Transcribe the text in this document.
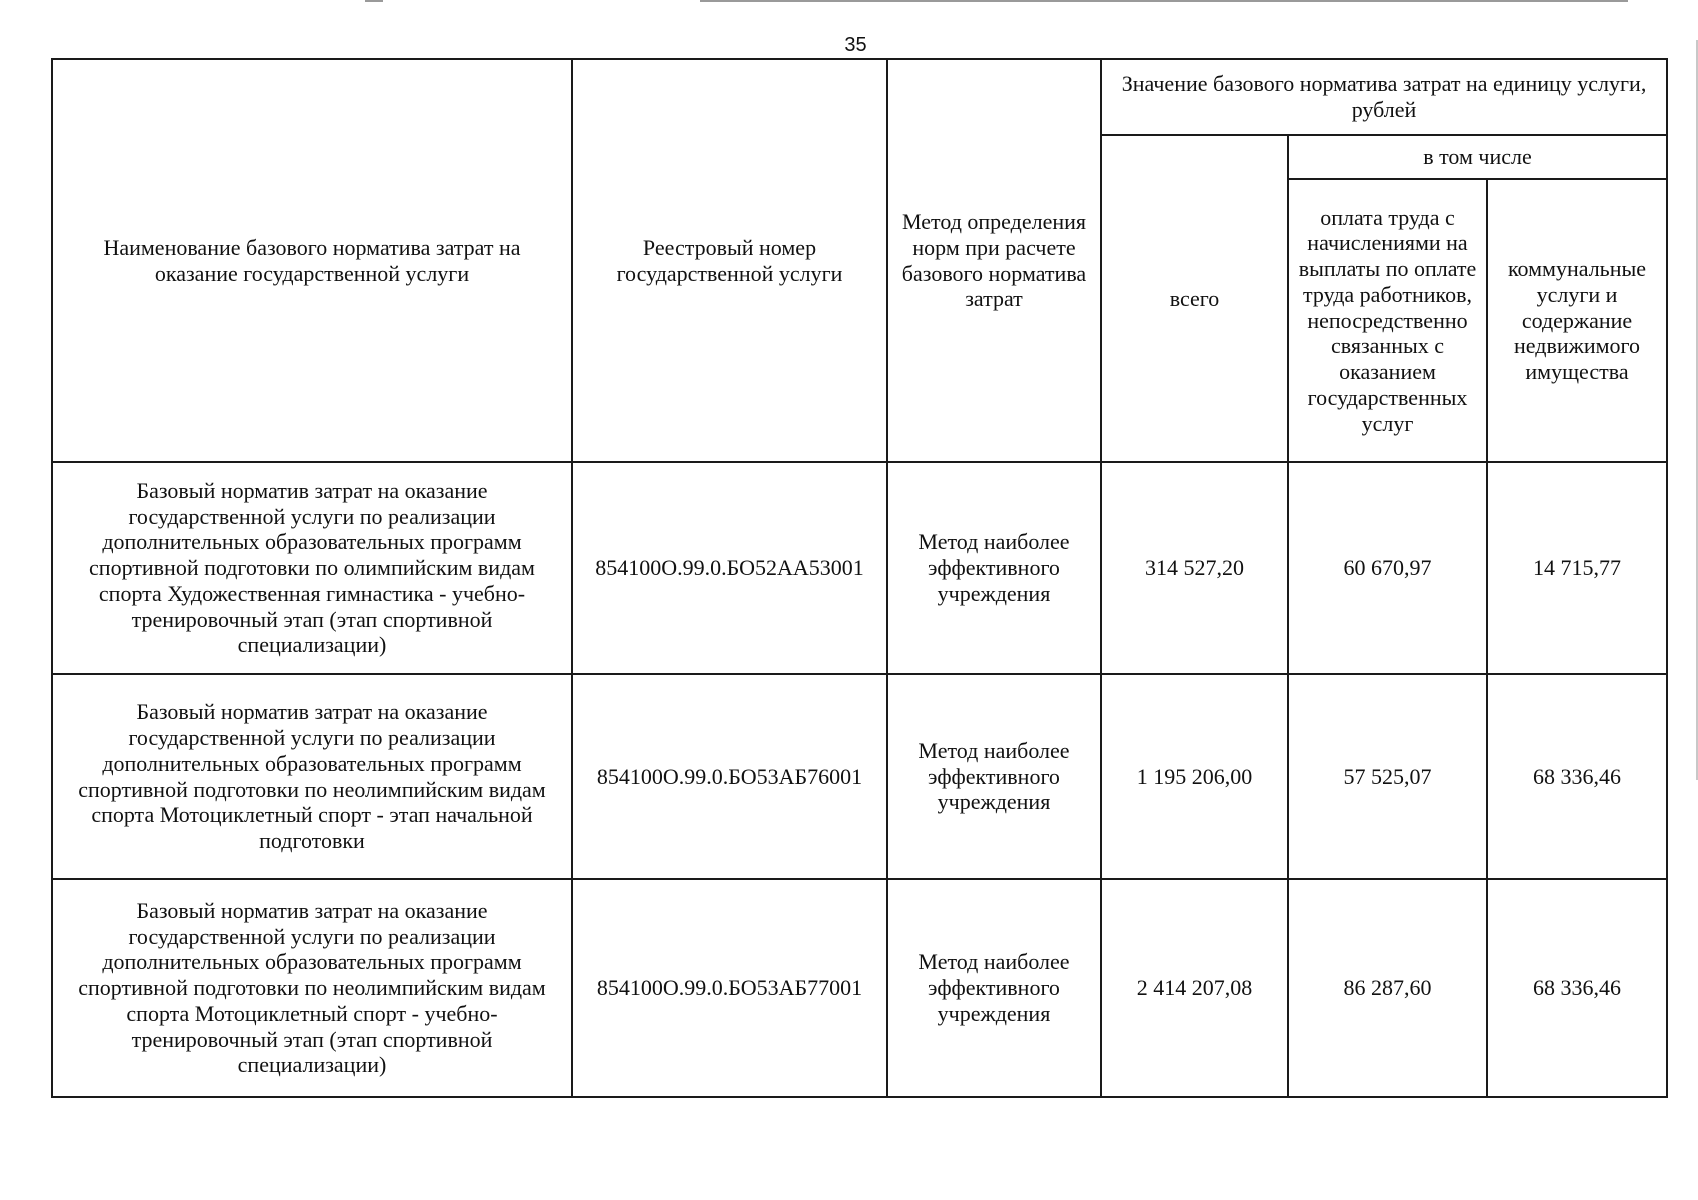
35
Наименование базового норматива затрат на оказание государственной услуги	Реестровый номер государственной услуги	Метод определения норм при расчете базового норматива затрат	Значение базового норматива затрат на единицу услуги, рублей		
			всего	в том числе	
				оплата труда с начислениями на выплаты по оплате труда работников, непосредственно связанных с оказанием государственных услуг	коммунальные услуги и содержание недвижимого имущества
Базовый норматив затрат на оказание государственной услуги по реализации дополнительных образовательных программ спортивной подготовки по олимпийским видам спорта Художественная гимнастика - учебно-тренировочный этап (этап спортивной специализации)	854100О.99.0.БО52АА53001	Метод наиболее эффективного учреждения	314 527,20	60 670,97	14 715,77
Базовый норматив затрат на оказание государственной услуги по реализации дополнительных образовательных программ спортивной подготовки по неолимпийским видам спорта Мотоциклетный спорт - этап начальной подготовки	854100О.99.0.БО53АБ76001	Метод наиболее эффективного учреждения	1 195 206,00	57 525,07	68 336,46
Базовый норматив затрат на оказание государственной услуги по реализации дополнительных образовательных программ спортивной подготовки по неолимпийским видам спорта Мотоциклетный спорт - учебно-тренировочный этап (этап спортивной специализации)	854100О.99.0.БО53АБ77001	Метод наиболее эффективного учреждения	2 414 207,08	86 287,60	68 336,46
